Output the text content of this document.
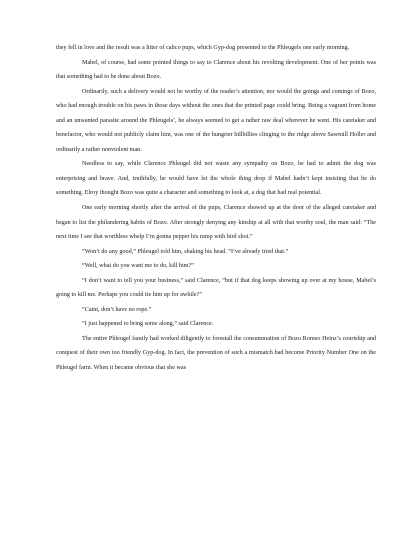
they fell in love and the result was a litter of calico pups, which Gyp-dog presented to the Phleugels one early morning.

Mabel, of course, had some pointed things to say to Clarence about his revolting development. One of her points was that something had to be done about Bozo.

Ordinarily, such a delivery would not be worthy of the reader’s attention, nor would the goings and comings of Bozo, who had enough trouble on his paws in those days without the ones that the printed page could bring. Being a vagrant from home and an unwanted parasite around the Phleugels’, he always seemed to get a rather raw deal wherever he went. His caretaker and benefactor, who would not publicly claim him, was one of the hungrier hillbillies clinging to the ridge above Sawmill Holler and ordinarily a rather nonviolent man.

Needless to say, while Clarence Phleugel did not waste any sympathy on Bozo, he had to admit the dog was enterprising and brave. And, truthfully, he would have let the whole thing drop if Mabel hadn’t kept insisting that he do something. Elroy thought Bozo was quite a character and something to look at, a dog that had real potential.

One early morning shortly after the arrival of the pups, Clarence showed up at the door of the alleged caretaker and began to list the philandering habits of Bozo. After strongly denying any kinship at all with that worthy soul, the man said: “The next time I see that worthless whelp I’m gonna pepper his rump with bird shot.”

“Won’t do any good,” Phleugel told him, shaking his head. “I’ve already tried that.”

“Well, what do you want me to do, kill him?”

“I don’t want to tell you your business,” said Clarence, “but if that dog keeps showing up over at my house, Mabel’s going to kill me. Perhaps you could tie him up for awhile?”

“Caint, don’t have no rope.”

“I just happened to bring some along,” said Clarence.

The entire Phleugel family had worked diligently to forestall the consummation of Bozo Romeo Heinz’s courtship and conquest of their own too friendly Gyp-dog. In fact, the prevention of such a mismatch had become Priority Number One on the Phleugel farm. When it became obvious that she was
